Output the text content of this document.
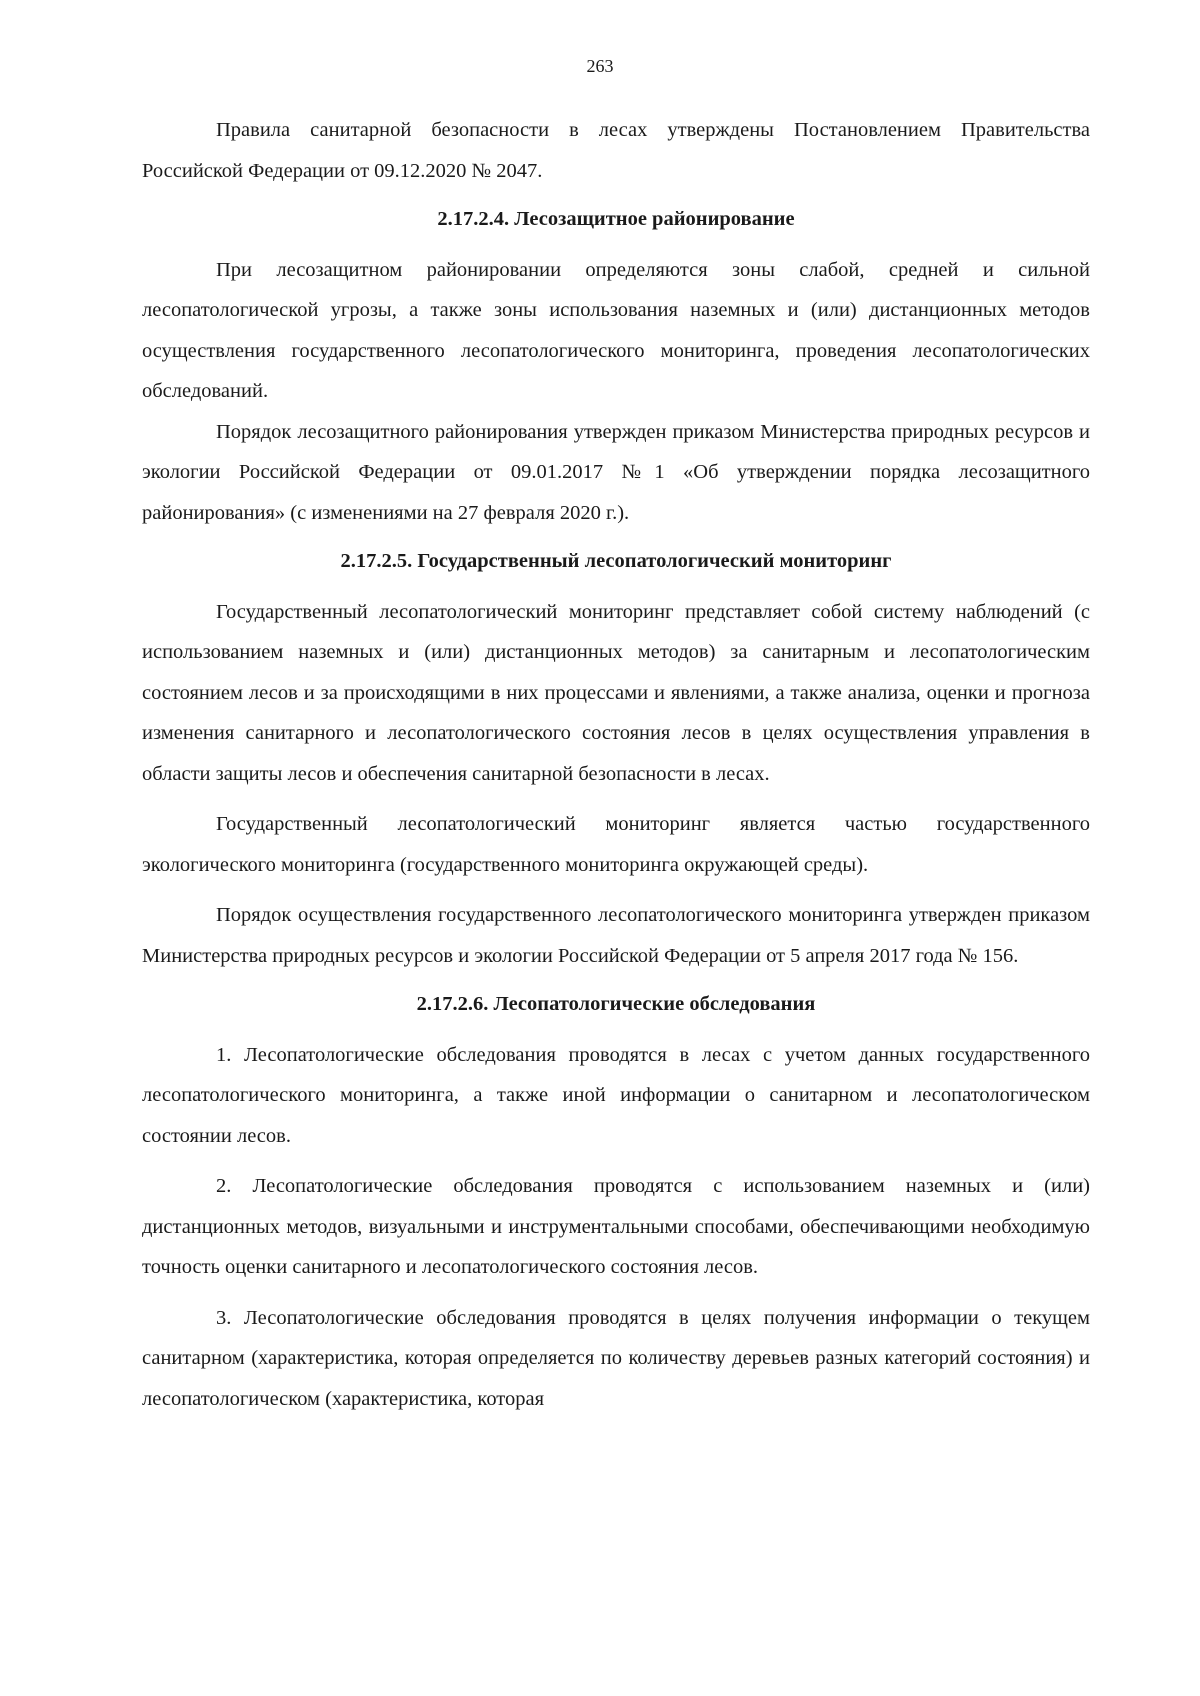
263

Правила санитарной безопасности в лесах утверждены Постановлением Правительства Российской Федерации от 09.12.2020 № 2047.

2.17.2.4. Лесозащитное районирование

При лесозащитном районировании определяются зоны слабой, средней и сильной лесопатологической угрозы, а также зоны использования наземных и (или) дистанционных методов осуществления государственного лесопатологического мониторинга, проведения лесопатологических обследований.

Порядок лесозащитного районирования утвержден приказом Министерства природных ресурсов и экологии Российской Федерации от 09.01.2017 №1 «Об утверждении порядка лесозащитного районирования» (с изменениями на 27 февраля 2020 г.).

2.17.2.5. Государственный лесопатологический мониторинг

Государственный лесопатологический мониторинг представляет собой систему наблюдений (с использованием наземных и (или) дистанционных методов) за санитарным и лесопатологическим состоянием лесов и за происходящими в них процессами и явлениями, а также анализа, оценки и прогноза изменения санитарного и лесопатологического состояния лесов в целях осуществления управления в области защиты лесов и обеспечения санитарной безопасности в лесах.

Государственный лесопатологический мониторинг является частью государственного экологического мониторинга (государственного мониторинга окружающей среды).

Порядок осуществления государственного лесопатологического мониторинга утвержден приказом Министерства природных ресурсов и экологии Российской Федерации от 5 апреля 2017 года № 156.

2.17.2.6. Лесопатологические обследования

1. Лесопатологические обследования проводятся в лесах с учетом данных государственного лесопатологического мониторинга, а также иной информации о санитарном и лесопатологическом состоянии лесов.

2. Лесопатологические обследования проводятся с использованием наземных и (или) дистанционных методов, визуальными и инструментальными способами, обеспечивающими необходимую точность оценки санитарного и лесопатологического состояния лесов.

3. Лесопатологические обследования проводятся в целях получения информации о текущем санитарном (характеристика, которая определяется по количеству деревьев разных категорий состояния) и лесопатологическом (характеристика, которая
